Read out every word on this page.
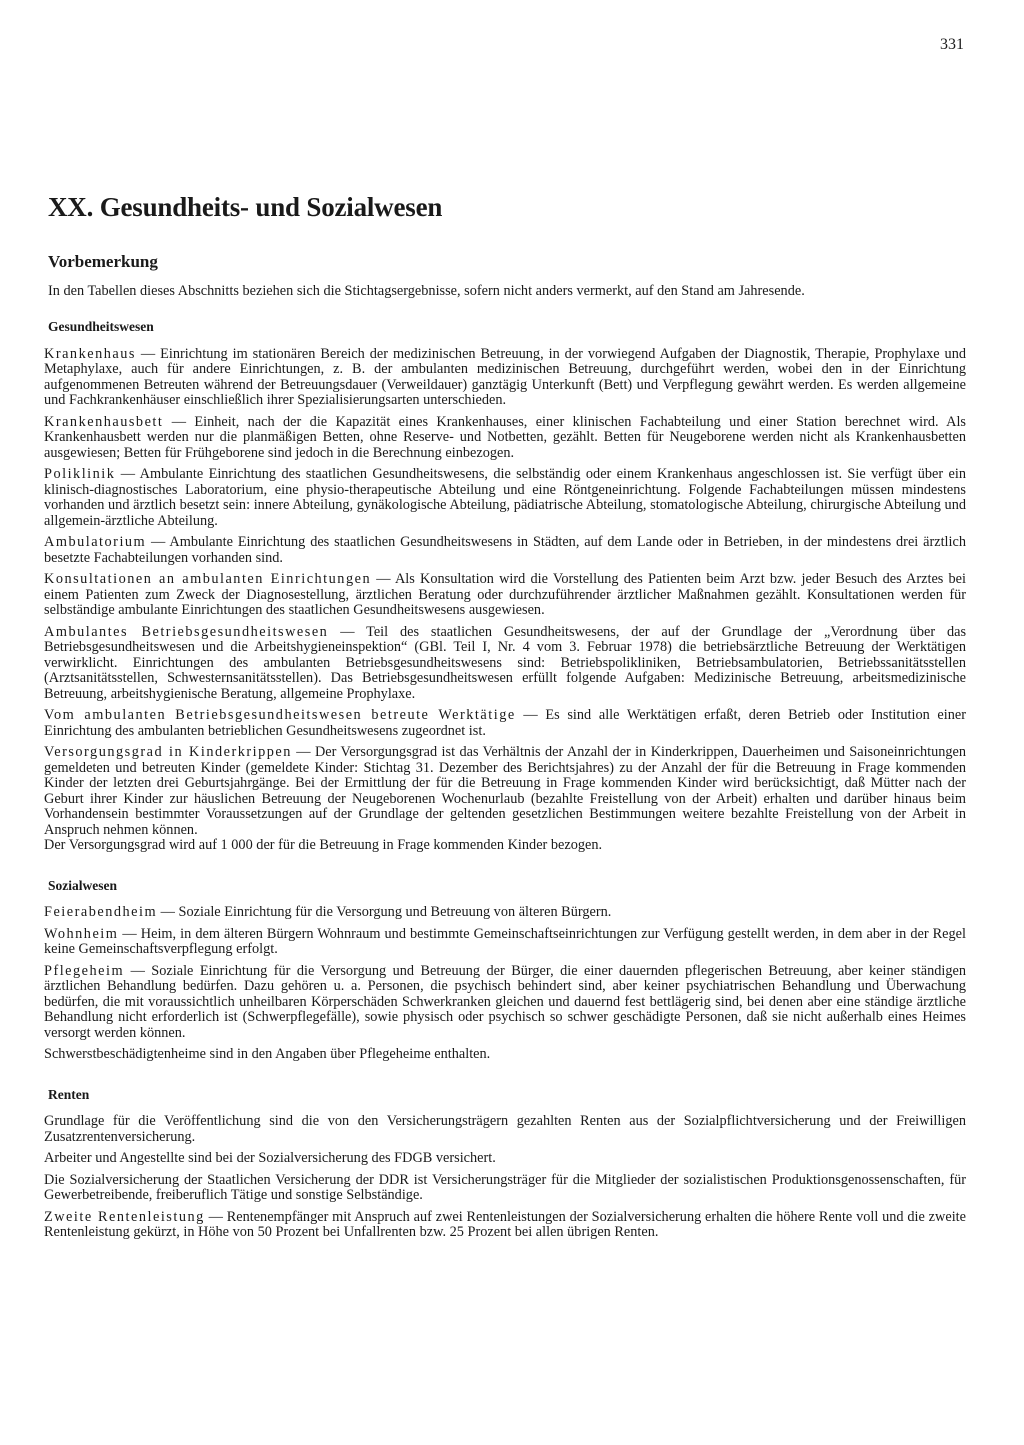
331
XX. Gesundheits- und Sozialwesen
Vorbemerkung

In den Tabellen dieses Abschnitts beziehen sich die Stichtagsergebnisse, sofern nicht anders vermerkt, auf den Stand am Jahresende.

Gesundheitswesen

Krankenhaus — Einrichtung im stationären Bereich der medizinischen Betreuung, in der vorwiegend Aufgaben der Diagnostik, Therapie, Prophylaxe und Metaphylaxe, auch für andere Einrichtungen, z. B. der ambulanten medizinischen Betreuung, durchgeführt werden, wobei den in der Einrichtung aufgenommenen Betreuten während der Betreuungsdauer (Verweildauer) ganztägig Unterkunft (Bett) und Verpflegung gewährt werden. Es werden allgemeine und Fachkrankenhäuser einschließlich ihrer Spezialisierungsarten unterschieden.

Krankenhausbett — Einheit, nach der die Kapazität eines Krankenhauses, einer klinischen Fachabteilung und einer Station berechnet wird. Als Krankenhausbett werden nur die planmäßigen Betten, ohne Reserve- und Notbetten, gezählt. Betten für Neugeborene werden nicht als Krankenhausbetten ausgewiesen; Betten für Frühgeborene sind jedoch in die Berechnung einbezogen.

Poliklinik — Ambulante Einrichtung des staatlichen Gesundheitswesens, die selbständig oder einem Krankenhaus angeschlossen ist. Sie verfügt über ein klinisch-diagnostisches Laboratorium, eine physio-therapeutische Abteilung und eine Röntgeneinrichtung. Folgende Fachabteilungen müssen mindestens vorhanden und ärztlich besetzt sein: innere Abteilung, gynäkologische Abteilung, pädiatrische Abteilung, stomatologische Abteilung, chirurgische Abteilung und allgemein-ärztliche Abteilung.

Ambulatorium — Ambulante Einrichtung des staatlichen Gesundheitswesens in Städten, auf dem Lande oder in Betrieben, in der mindestens drei ärztlich besetzte Fachabteilungen vorhanden sind.

Konsultationen an ambulanten Einrichtungen — Als Konsultation wird die Vorstellung des Patienten beim Arzt bzw. jeder Besuch des Arztes bei einem Patienten zum Zweck der Diagnosestellung, ärztlichen Beratung oder durchzuführender ärztlicher Maßnahmen gezählt. Konsultationen werden für selbständige ambulante Einrichtungen des staatlichen Gesundheitswesens ausgewiesen.

Ambulantes Betriebsgesundheitswesen — Teil des staatlichen Gesundheitswesens, der auf der Grundlage der „Verordnung über das Betriebsgesundheitswesen und die Arbeitshygieneinspektion“ (GBl. Teil I, Nr. 4 vom 3. Februar 1978) die betriebsärztliche Betreuung der Werktätigen verwirklicht. Einrichtungen des ambulanten Betriebsgesundheitswesens sind: Betriebspolikliniken, Betriebsambulatorien, Betriebssanitätsstellen (Arztsanitätsstellen, Schwesternsanitätsstellen). Das Betriebsgesundheitswesen erfüllt folgende Aufgaben: Medizinische Betreuung, arbeitsmedizinische Betreuung, arbeitshygienische Beratung, allgemeine Prophylaxe.

Vom ambulanten Betriebsgesundheitswesen betreute Werktätige — Es sind alle Werktätigen erfaßt, deren Betrieb oder Institution einer Einrichtung des ambulanten betrieblichen Gesundheitswesens zugeordnet ist.

Versorgungsgrad in Kinderkrippen — Der Versorgungsgrad ist das Verhältnis der Anzahl der in Kinderkrippen, Dauerheimen und Saisoneinrichtungen gemeldeten und betreuten Kinder (gemeldete Kinder: Stichtag 31. Dezember des Berichtsjahres) zu der Anzahl der für die Betreuung in Frage kommenden Kinder der letzten drei Geburtsjahrgänge. Bei der Ermittlung der für die Betreuung in Frage kommenden Kinder wird berücksichtigt, daß Mütter nach der Geburt ihrer Kinder zur häuslichen Betreuung der Neugeborenen Wochenurlaub (bezahlte Freistellung von der Arbeit) erhalten und darüber hinaus beim Vorhandensein bestimmter Voraussetzungen auf der Grundlage der geltenden gesetzlichen Bestimmungen weitere bezahlte Freistellung von der Arbeit in Anspruch nehmen können.

Der Versorgungsgrad wird auf 1 000 der für die Betreuung in Frage kommenden Kinder bezogen.

Sozialwesen

Feierabendheim — Soziale Einrichtung für die Versorgung und Betreuung von älteren Bürgern.

Wohnheim — Heim, in dem älteren Bürgern Wohnraum und bestimmte Gemeinschaftseinrichtungen zur Verfügung gestellt werden, in dem aber in der Regel keine Gemeinschaftsverpflegung erfolgt.

Pflegeheim — Soziale Einrichtung für die Versorgung und Betreuung der Bürger, die einer dauernden pflegerischen Betreuung, aber keiner ständigen ärztlichen Behandlung bedürfen. Dazu gehören u. a. Personen, die psychisch behindert sind, aber keiner psychiatrischen Behandlung und Überwachung bedürfen, die mit voraussichtlich unheilbaren Körperschäden Schwerkranken gleichen und dauernd fest bettlägerig sind, bei denen aber eine ständige ärztliche Behandlung nicht erforderlich ist (Schwerpflegefälle), sowie physisch oder psychisch so schwer geschädigte Personen, daß sie nicht außerhalb eines Heimes versorgt werden können.

Schwerstbeschädigtenheime sind in den Angaben über Pflegeheime enthalten.

Renten

Grundlage für die Veröffentlichung sind die von den Versicherungsträgern gezahlten Renten aus der Sozialpflichtversicherung und der Freiwilligen Zusatzrentenversicherung.

Arbeiter und Angestellte sind bei der Sozialversicherung des FDGB versichert.

Die Sozialversicherung der Staatlichen Versicherung der DDR ist Versicherungsträger für die Mitglieder der sozialistischen Produktionsgenossenschaften, für Gewerbetreibende, freiberuflich Tätige und sonstige Selbständige.

Zweite Rentenleistung — Rentenempfänger mit Anspruch auf zwei Rentenleistungen der Sozialversicherung erhalten die höhere Rente voll und die zweite Rentenleistung gekürzt, in Höhe von 50 Prozent bei Unfallrenten bzw. 25 Prozent bei allen übrigen Renten.
